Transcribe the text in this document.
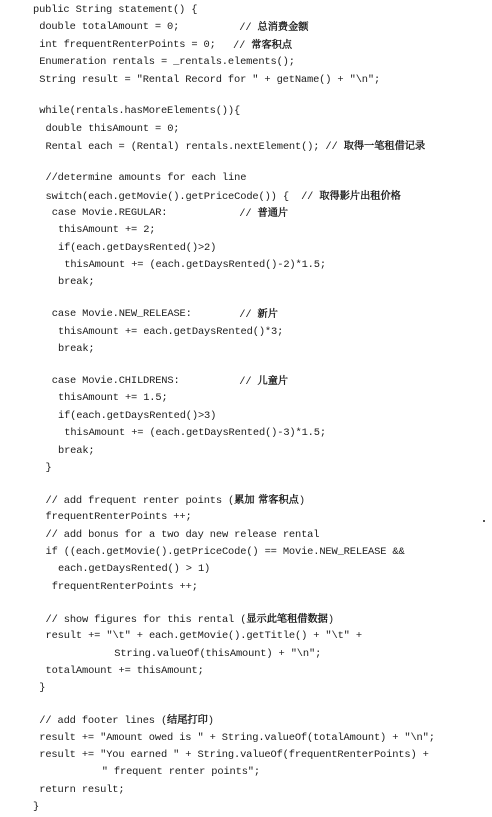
public String statement() {
double totalAmount = 0;	// 总消费金额
int frequentRenterPoints = 0; // 常客积点
Enumeration rentals = _rentals.elements();
String result = "Rental Record for " + getName() + "\n";
while(rentals.hasMoreElements()){
double thisAmount = 0;
Rental each = (Rental) rentals.nextElement(); // 取得一笔租借记录
//determine amounts for each line
switch(each.getMovie().getPriceCode()) {  // 取得影片出租价格
case Movie.REGULAR:	// 普通片
thisAmount += 2;
if(each.getDaysRented()>2)
thisAmount += (each.getDaysRented()-2)*1.5;
break;
case Movie.NEW_RELEASE:	// 新片
thisAmount += each.getDaysRented()*3;
break;
case Movie.CHILDRENS:	// 儿童片
thisAmount += 1.5;
if(each.getDaysRented()>3)
thisAmount += (each.getDaysRented()-3)*1.5;
break;
}
// add frequent renter points (累加 常客积点)
frequentRenterPoints ++;
// add bonus for a two day new release rental
if ((each.getMovie().getPriceCode() == Movie.NEW_RELEASE &&
each.getDaysRented() > 1)
frequentRenterPoints ++;
// show figures for this rental (显示此笔租借数据)
result += "\t" + each.getMovie().getTitle() + "\t" +
String.valueOf(thisAmount) + "\n";
totalAmount += thisAmount;
}
// add footer lines (结尾打印)
result += "Amount owed is " + String.valueOf(totalAmount) + "\n";
result += "You earned " + String.valueOf(frequentRenterPoints) +
" frequent renter points";
return result;
}
